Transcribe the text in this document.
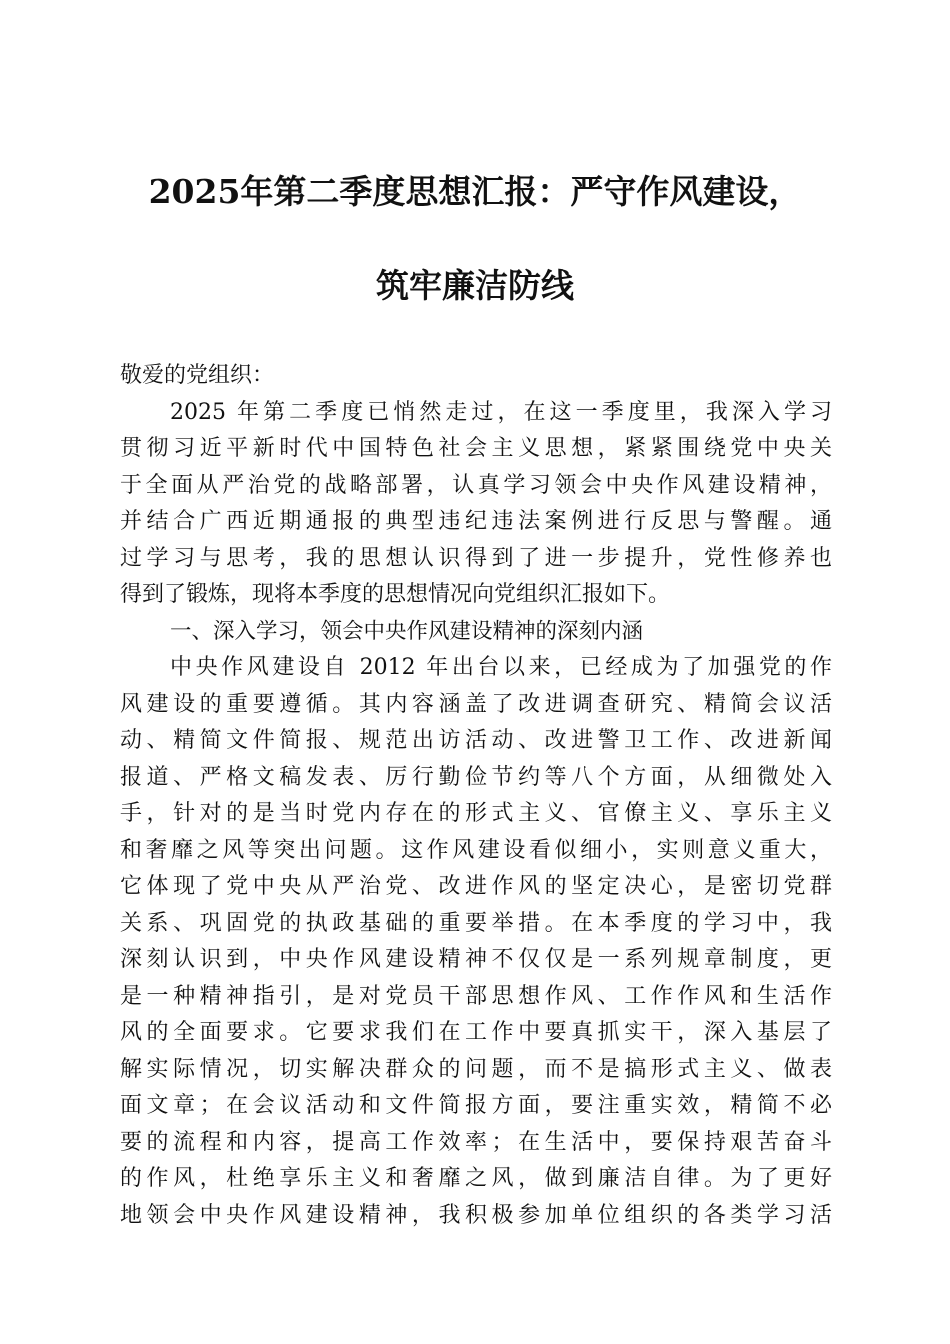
2025年第二季度思想汇报：严守作风建设，
筑牢廉洁防线
敬爱的党组织：
2025 年第二季度已悄然走过，在这一季度里，我深入学习
贯彻习近平新时代中国特色社会主义思想，紧紧围绕党中央关
于全面从严治党的战略部署，认真学习领会中央作风建设精神，
并结合广西近期通报的典型违纪违法案例进行反思与警醒。通
过学习与思考，我的思想认识得到了进一步提升，党性修养也
得到了锻炼，现将本季度的思想情况向党组织汇报如下。
一、深入学习，领会中央作风建设精神的深刻内涵
中央作风建设自 2012 年出台以来，已经成为了加强党的作
风建设的重要遵循。其内容涵盖了改进调查研究、精简会议活
动、精简文件简报、规范出访活动、改进警卫工作、改进新闻
报道、严格文稿发表、厉行勤俭节约等八个方面，从细微处入
手，针对的是当时党内存在的形式主义、官僚主义、享乐主义
和奢靡之风等突出问题。这作风建设看似细小，实则意义重大，
它体现了党中央从严治党、改进作风的坚定决心，是密切党群
关系、巩固党的执政基础的重要举措。在本季度的学习中，我
深刻认识到，中央作风建设精神不仅仅是一系列规章制度，更
是一种精神指引，是对党员干部思想作风、工作作风和生活作
风的全面要求。它要求我们在工作中要真抓实干，深入基层了
解实际情况，切实解决群众的问题，而不是搞形式主义、做表
面文章；在会议活动和文件简报方面，要注重实效，精简不必
要的流程和内容，提高工作效率；在生活中，要保持艰苦奋斗
的作风，杜绝享乐主义和奢靡之风，做到廉洁自律。为了更好
地领会中央作风建设精神，我积极参加单位组织的各类学习活
